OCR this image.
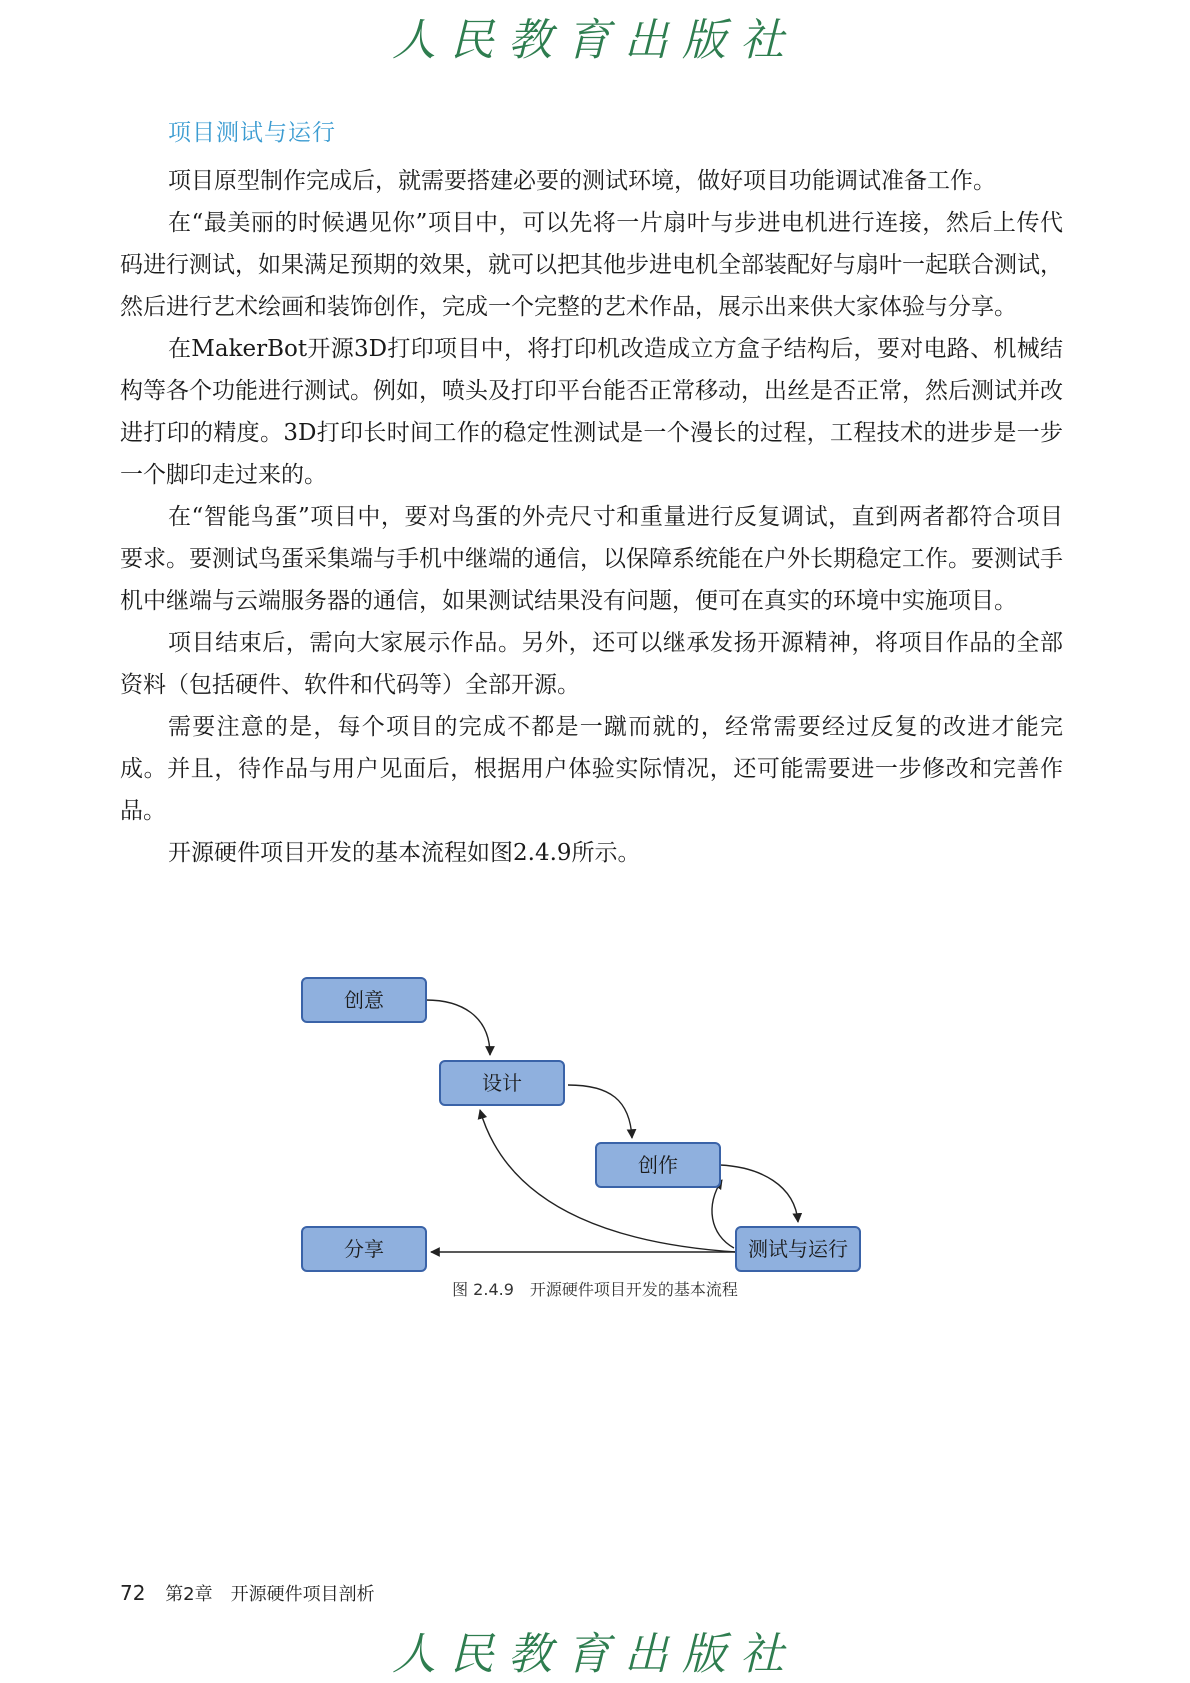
人民教育出版社
项目测试与运行

项目原型制作完成后，就需要搭建必要的测试环境，做好项目功能调试准备工作。

在“最美丽的时候遇见你”项目中，可以先将一片扇叶与步进电机进行连接，然后上传代码进行测试，如果满足预期的效果，就可以把其他步进电机全部装配好与扇叶一起联合测试，然后进行艺术绘画和装饰创作，完成一个完整的艺术作品，展示出来供大家体验与分享。

在MakerBot开源3D打印项目中，将打印机改造成立方盒子结构后，要对电路、机械结构等各个功能进行测试。例如，喷头及打印平台能否正常移动，出丝是否正常，然后测试并改进打印的精度。3D打印长时间工作的稳定性测试是一个漫长的过程，工程技术的进步是一步一个脚印走过来的。

在“智能鸟蛋”项目中，要对鸟蛋的外壳尺寸和重量进行反复调试，直到两者都符合项目要求。要测试鸟蛋采集端与手机中继端的通信，以保障系统能在户外长期稳定工作。要测试手机中继端与云端服务器的通信，如果测试结果没有问题，便可在真实的环境中实施项目。

项目结束后，需向大家展示作品。另外，还可以继承发扬开源精神，将项目作品的全部资料（包括硬件、软件和代码等）全部开源。

需要注意的是，每个项目的完成不都是一蹴而就的，经常需要经过反复的改进才能完成。并且，待作品与用户见面后，根据用户体验实际情况，还可能需要进一步修改和完善作品。

开源硬件项目开发的基本流程如图2.4.9所示。

创意
设计
创作
测试与运行
分享
图 2.4.9　开源硬件项目开发的基本流程
72 第2章　开源硬件项目剖析
人民教育出版社
